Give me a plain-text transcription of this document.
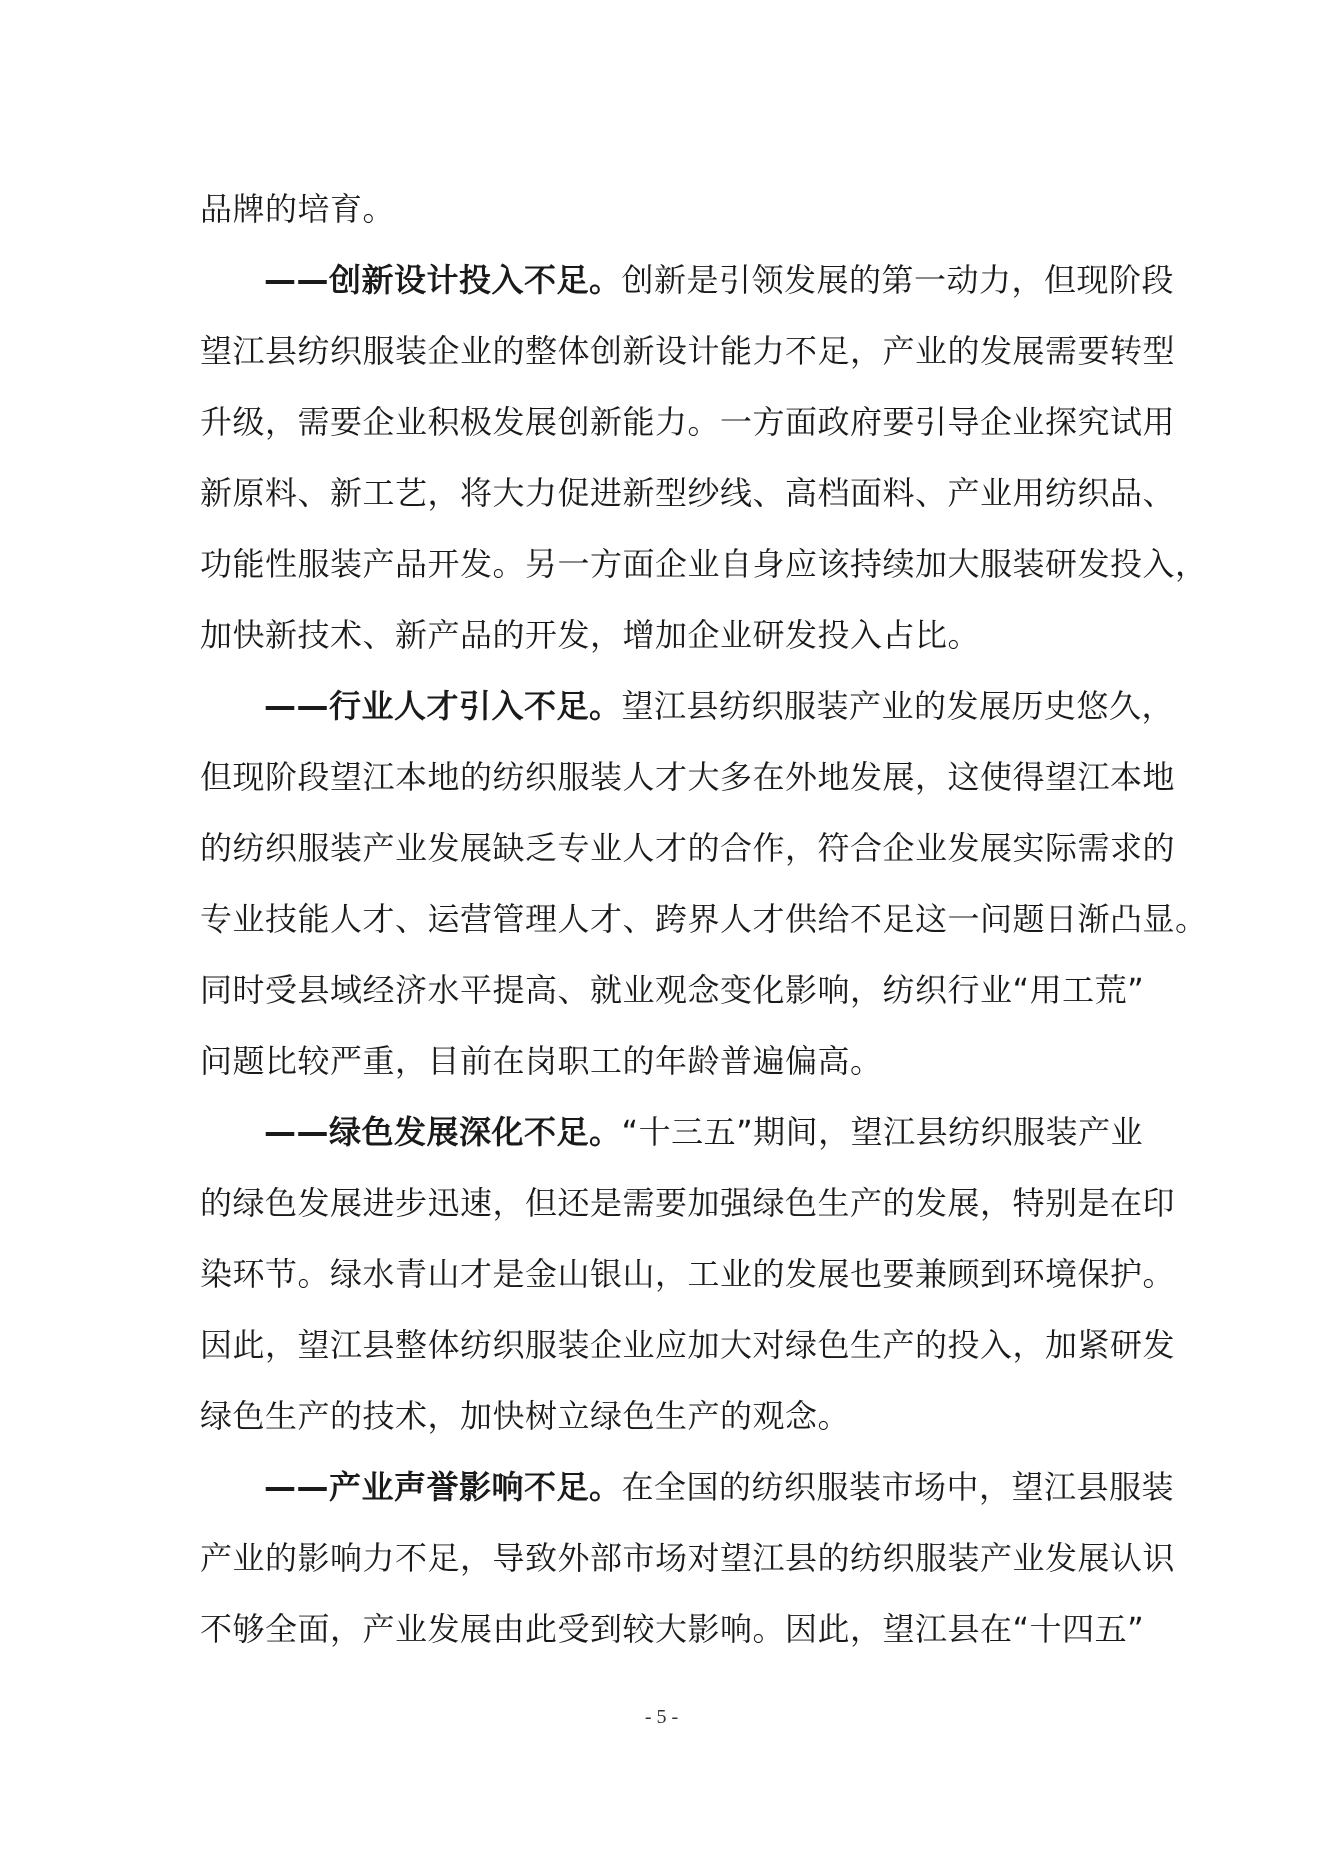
品牌的培育。
——创新设计投入不足。创新是引领发展的第一动力，但现阶段
望江县纺织服装企业的整体创新设计能力不足，产业的发展需要转型
升级，需要企业积极发展创新能力。一方面政府要引导企业探究试用
新原料、新工艺，将大力促进新型纱线、高档面料、产业用纺织品、
功能性服装产品开发。另一方面企业自身应该持续加大服装研发投入，
加快新技术、新产品的开发，增加企业研发投入占比。
——行业人才引入不足。望江县纺织服装产业的发展历史悠久，
但现阶段望江本地的纺织服装人才大多在外地发展，这使得望江本地
的纺织服装产业发展缺乏专业人才的合作，符合企业发展实际需求的
专业技能人才、运营管理人才、跨界人才供给不足这一问题日渐凸显。
同时受县域经济水平提高、就业观念变化影响，纺织行业“用工荒”
问题比较严重，目前在岗职工的年龄普遍偏高。
——绿色发展深化不足。“十三五”期间，望江县纺织服装产业
的绿色发展进步迅速，但还是需要加强绿色生产的发展，特别是在印
染环节。绿水青山才是金山银山，工业的发展也要兼顾到环境保护。
因此，望江县整体纺织服装企业应加大对绿色生产的投入，加紧研发
绿色生产的技术，加快树立绿色生产的观念。
——产业声誉影响不足。在全国的纺织服装市场中，望江县服装
产业的影响力不足，导致外部市场对望江县的纺织服装产业发展认识
不够全面，产业发展由此受到较大影响。因此，望江县在“十四五”
- 5 -
